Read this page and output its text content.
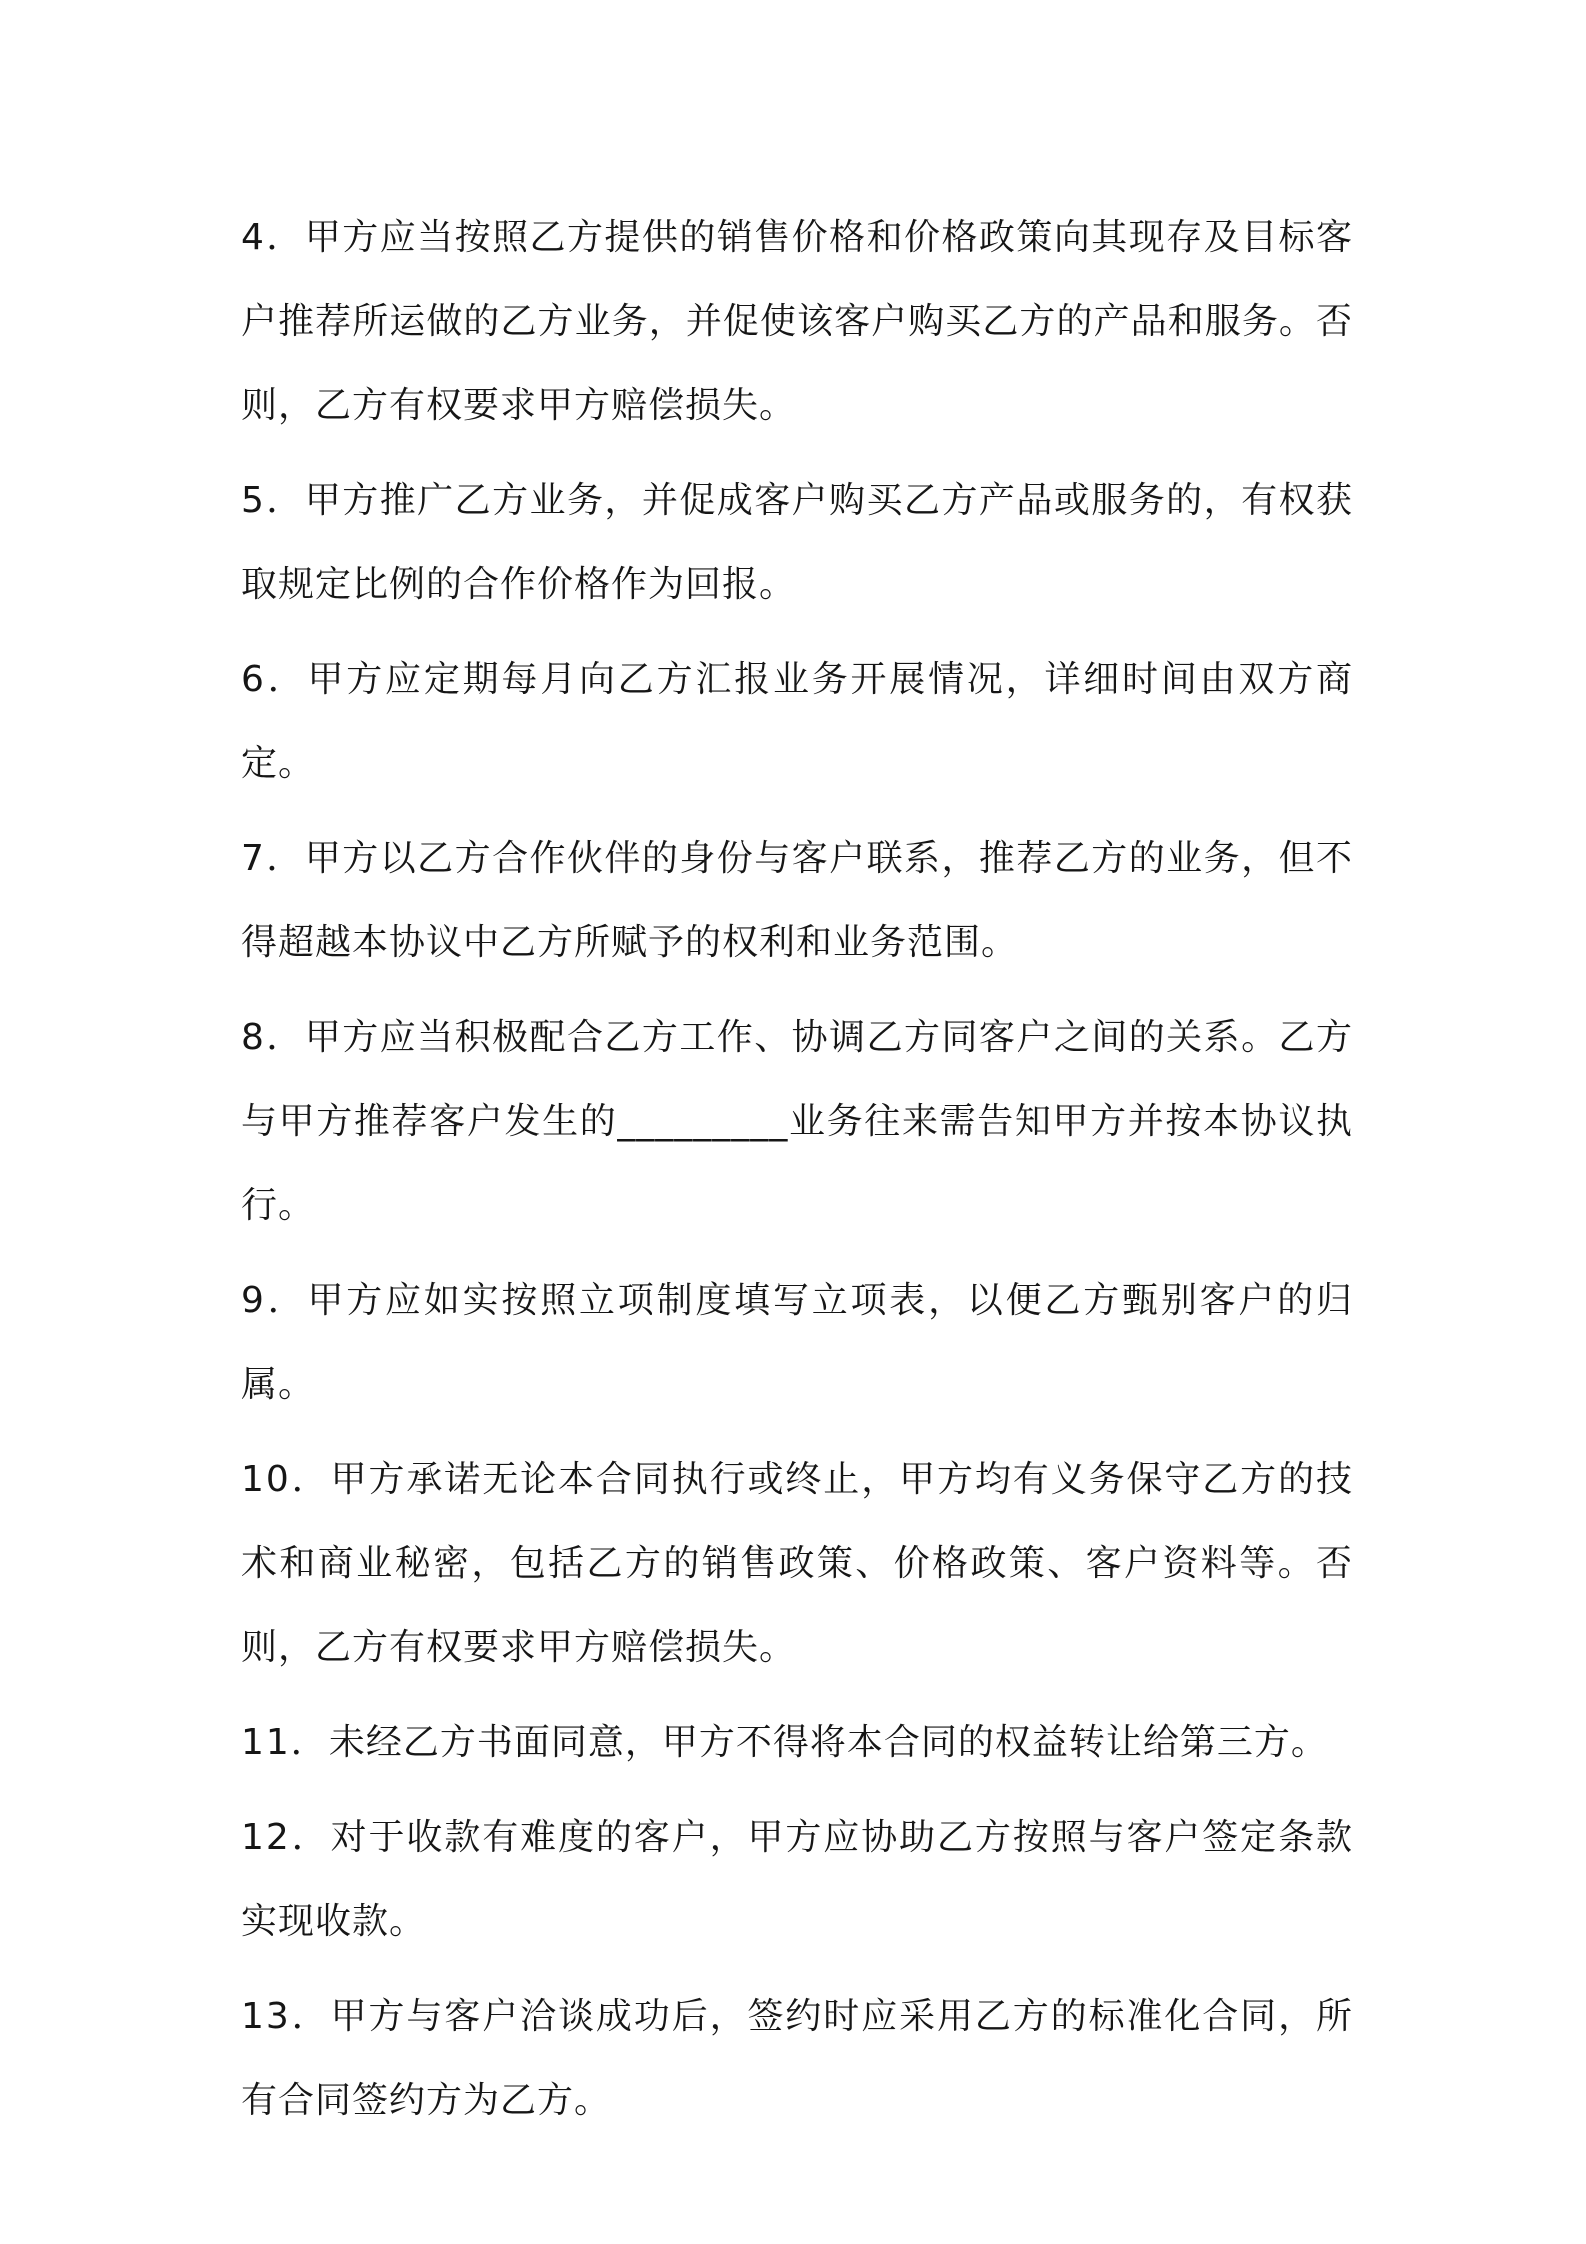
4．甲方应当按照乙方提供的销售价格和价格政策向其现存及目标客户推荐所运做的乙方业务，并促使该客户购买乙方的产品和服务。否则，乙方有权要求甲方赔偿损失。

5．甲方推广乙方业务，并促成客户购买乙方产品或服务的，有权获取规定比例的合作价格作为回报。

6．甲方应定期每月向乙方汇报业务开展情况，详细时间由双方商定。

7．甲方以乙方合作伙伴的身份与客户联系，推荐乙方的业务，但不得超越本协议中乙方所赋予的权利和业务范围。

8．甲方应当积极配合乙方工作、协调乙方同客户之间的关系。乙方与甲方推荐客户发生的_________业务往来需告知甲方并按本协议执行。

9．甲方应如实按照立项制度填写立项表，以便乙方甄别客户的归属。

10．甲方承诺无论本合同执行或终止，甲方均有义务保守乙方的技术和商业秘密，包括乙方的销售政策、价格政策、客户资料等。否则，乙方有权要求甲方赔偿损失。

11．未经乙方书面同意，甲方不得将本合同的权益转让给第三方。

12．对于收款有难度的客户，甲方应协助乙方按照与客户签定条款实现收款。

13．甲方与客户洽谈成功后，签约时应采用乙方的标准化合同，所有合同签约方为乙方。
